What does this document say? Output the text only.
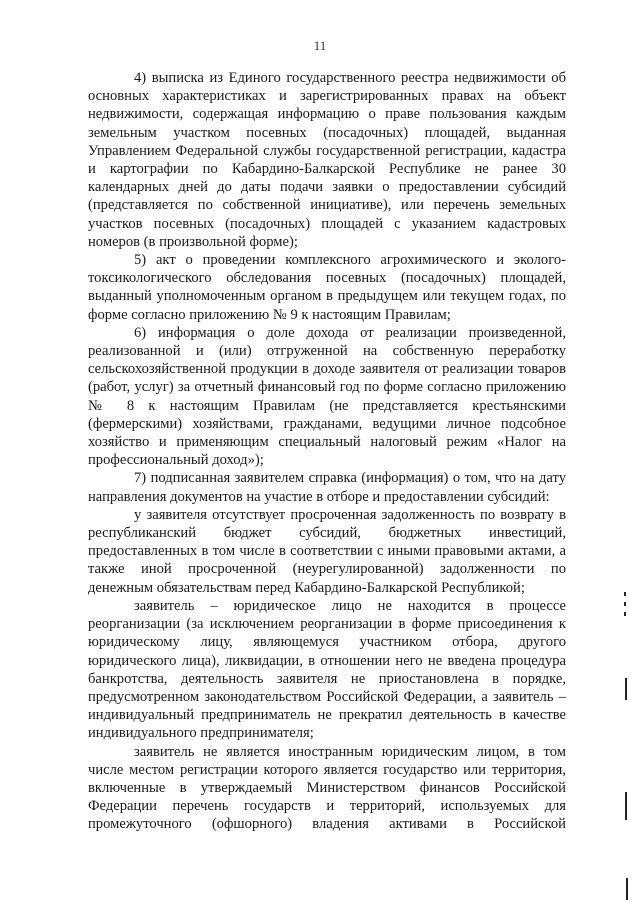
11

4) выписка из Единого государственного реестра недвижимости об основных характеристиках и зарегистрированных правах на объект недвижимости, содержащая информацию о праве пользования каждым земельным участком посевных (посадочных) площадей, выданная Управлением Федеральной службы государственной регистрации, кадастра и картографии по Кабардино-Балкарской Республике не ранее 30 календарных дней до даты подачи заявки о предоставлении субсидий (представляется по собственной инициативе), или перечень земельных участков посевных (посадочных) площадей с указанием кадастровых номеров (в произвольной форме);

5) акт о проведении комплексного агрохимического и эколого-токсикологического обследования посевных (посадочных) площадей, выданный уполномоченным органом в предыдущем или текущем годах, по форме согласно приложению № 9 к настоящим Правилам;

6) информация о доле дохода от реализации произведенной, реализованной и (или) отгруженной на собственную переработку сельскохозяйственной продукции в доходе заявителя от реализации товаров (работ, услуг) за отчетный финансовый год по форме согласно приложению № 8 к настоящим Правилам (не представляется крестьянскими (фермерскими) хозяйствами, гражданами, ведущими личное подсобное хозяйство и применяющим специальный налоговый режим «Налог на профессиональный доход»);

7) подписанная заявителем справка (информация) о том, что на дату направления документов на участие в отборе и предоставлении субсидий:

у заявителя отсутствует просроченная задолженность по возврату в республиканский бюджет субсидий, бюджетных инвестиций, предоставленных в том числе в соответствии с иными правовыми актами, а также иной просроченной (неурегулированной) задолженности по денежным обязательствам перед Кабардино-Балкарской Республикой;

заявитель – юридическое лицо не находится в процессе реорганизации (за исключением реорганизации в форме присоединения к юридическому лицу, являющемуся участником отбора, другого юридического лица), ликвидации, в отношении него не введена процедура банкротства, деятельность заявителя не приостановлена в порядке, предусмотренном законодательством Российской Федерации, а заявитель – индивидуальный предприниматель не прекратил деятельность в качестве индивидуального предпринимателя;

заявитель не является иностранным юридическим лицом, в том числе местом регистрации которого является государство или территория, включенные в утверждаемый Министерством финансов Российской Федерации перечень государств и территорий, используемых для промежуточного (офшорного) владения активами в Российской
